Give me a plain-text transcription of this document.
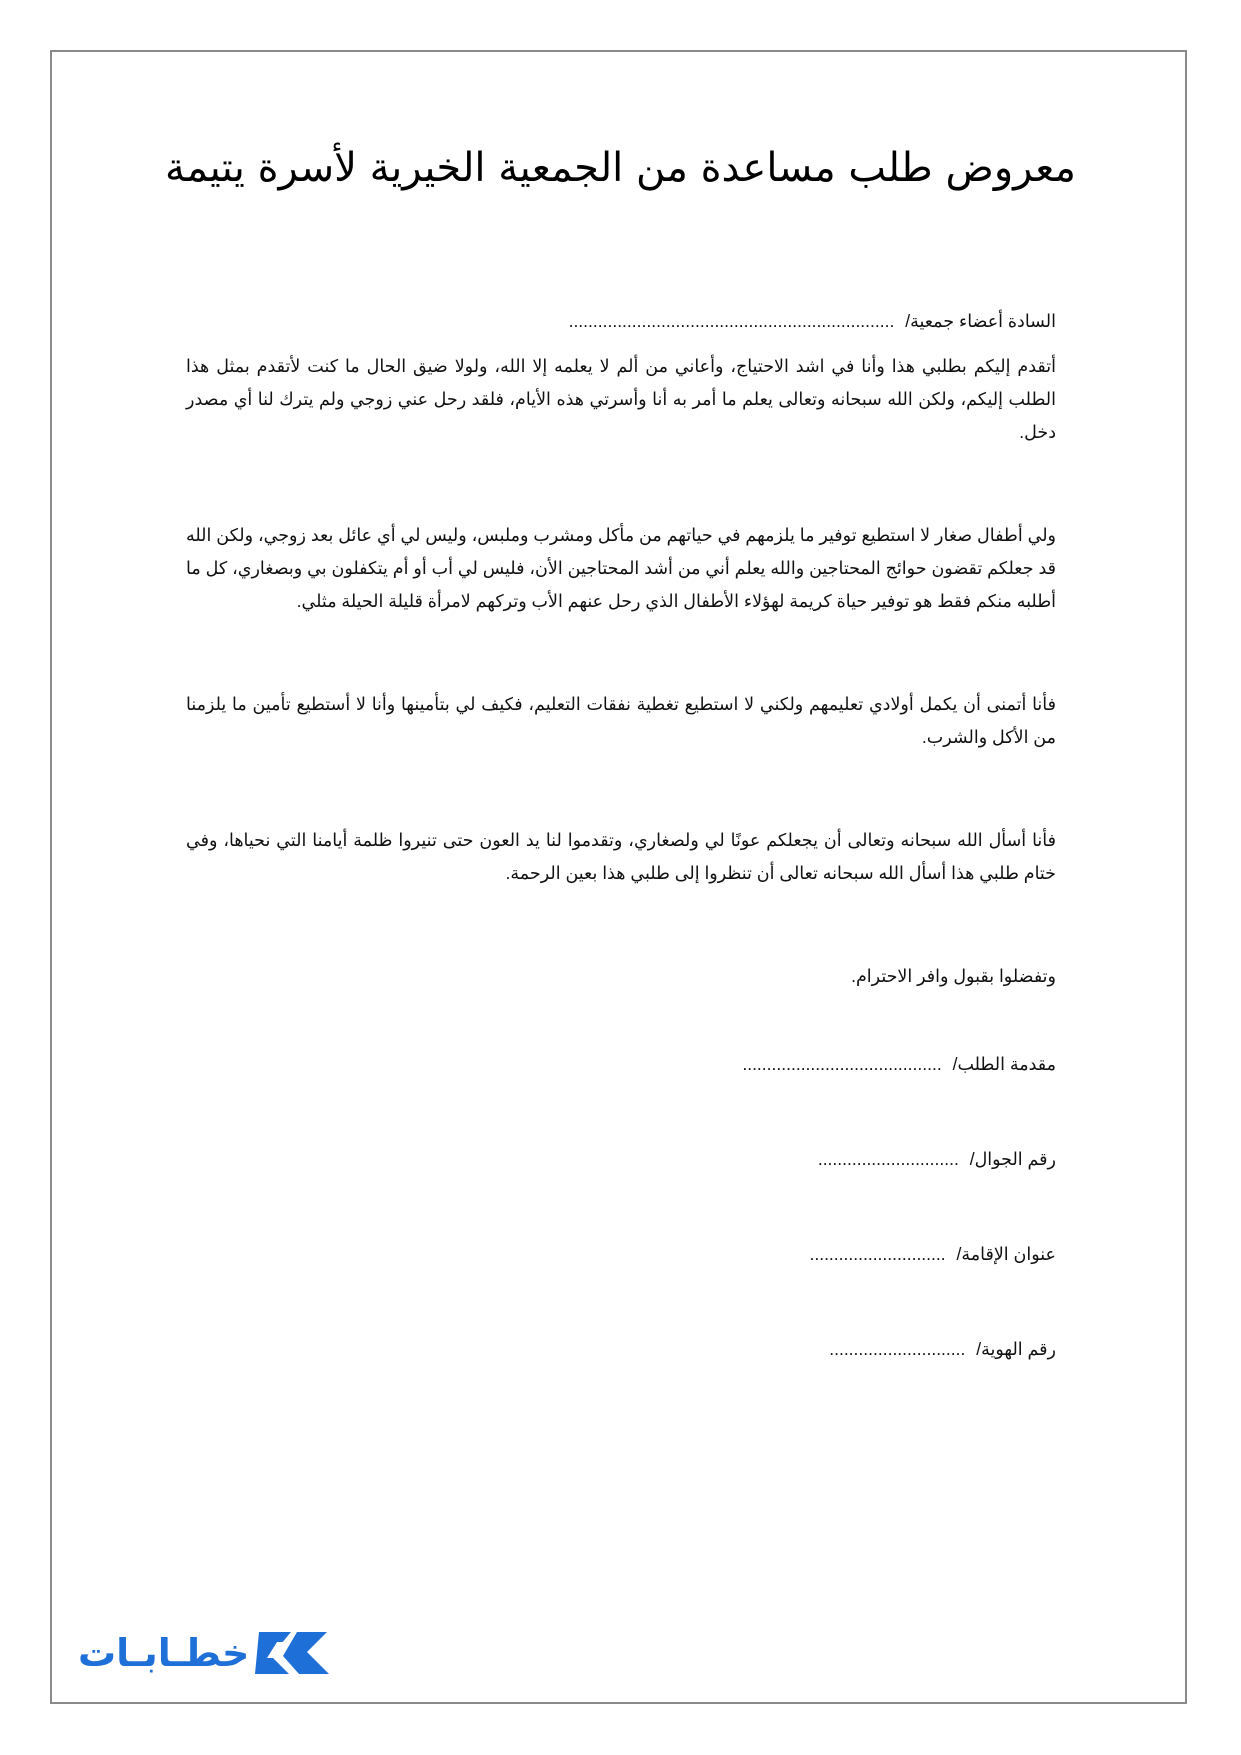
معروض طلب مساعدة من الجمعية الخيرية لأسرة يتيمة

السادة أعضاء جمعية/ ...................................................................

أتقدم إليكم بطلبي هذا وأنا في اشد الاحتياج، وأعاني من ألم لا يعلمه إلا الله، ولولا ضيق الحال ما كنت لأتقدم بمثل هذا الطلب إليكم، ولكن الله سبحانه وتعالى يعلم ما أمر به أنا وأسرتي هذه الأيام، فلقد رحل عني زوجي ولم يترك لنا أي مصدر دخل.

ولي أطفال صغار لا استطيع توفير ما يلزمهم في حياتهم من مأكل ومشرب وملبس، وليس لي أي عائل بعد زوجي، ولكن الله قد جعلكم تقضون حوائج المحتاجين والله يعلم أني من أشد المحتاجين الأن، فليس لي أب أو أم يتكفلون بي وبصغاري، كل ما أطلبه منكم فقط هو توفير حياة كريمة لهؤلاء الأطفال الذي رحل عنهم الأب وتركهم لامرأة قليلة الحيلة مثلي.

فأنا أتمنى أن يكمل أولادي تعليمهم ولكني لا استطيع تغطية نفقات التعليم، فكيف لي بتأمينها وأنا لا أستطيع تأمين ما يلزمنا من الأكل والشرب.

فأنا أسأل الله سبحانه وتعالى أن يجعلكم عونًا لي ولصغاري، وتقدموا لنا يد العون حتى تنيروا ظلمة أيامنا التي نحياها، وفي ختام طلبي هذا أسأل الله سبحانه تعالى أن تنظروا إلى طلبي هذا بعين الرحمة.

وتفضلوا بقبول وافر الاحترام.

مقدمة الطلب/ .........................................

رقم الجوال/ .............................

عنوان الإقامة/ ............................

رقم الهوية/ ............................

خطـابـات
